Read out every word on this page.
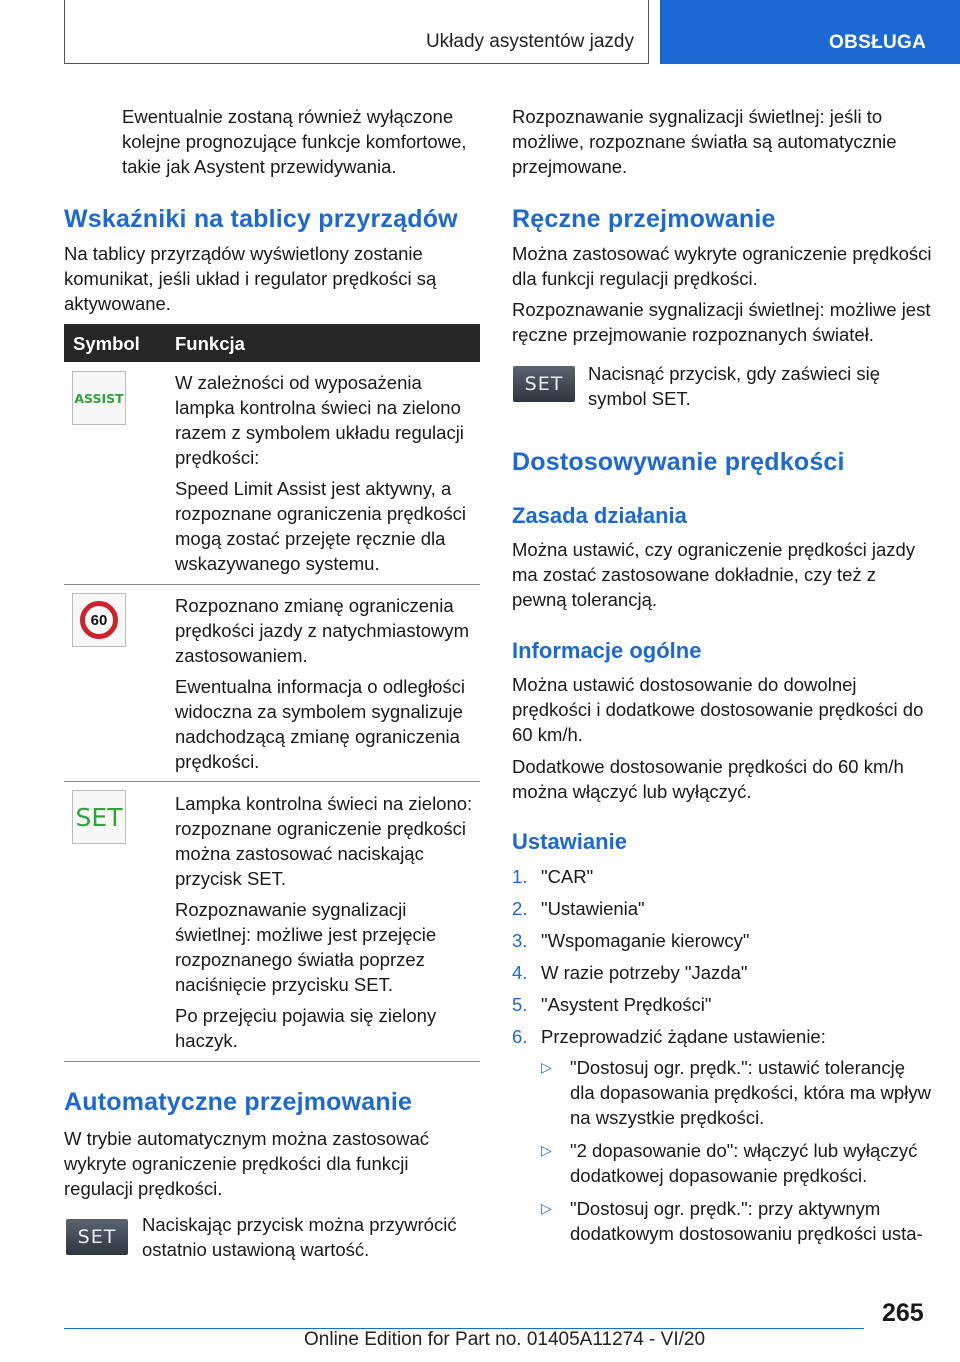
Układy asystentów jazdy	OBSŁUGA

Ewentualnie zostaną również wyłączone kolejne prognozujące funkcje komfortowe, takie jak Asystent przewidywania.

Wskaźniki na tablicy przyrządów

Na tablicy przyrządów wyświetlony zostanie komunikat, jeśli układ i regulator prędkości są aktywowane.

Symbol Funkcja
ASSIST

W zależności od wyposażenia lampka kontrolna świeci na zielono razem z symbolem układu regulacji prędkości:

Speed Limit Assist jest aktywny, a rozpoznane ograniczenia prędkości mogą zostać przejęte ręcznie dla wskazywanego systemu.

60

Rozpoznano zmianę ograniczenia prędkości jazdy z natychmiastowym zastosowaniem.

Ewentualna informacja o odległości widoczna za symbolem sygnalizuje nadchodzącą zmianę ograniczenia prędkości.

SET	Lampka kontrolna świeci na zielono: rozpoznane ograniczenie prędkości można zastosować naciskając przycisk SET.

Rozpoznawanie sygnalizacji świetlnej: możliwe jest przejęcie rozpoznanego światła poprzez naciśnięcie przycisku SET.

Po przejęciu pojawia się zielony haczyk.

Automatyczne przejmowanie

W trybie automatycznym można zastosować wykryte ograniczenie prędkości dla funkcji regulacji prędkości.

SET

Naciskając przycisk można przywrócić ostatnio ustawioną wartość.

Rozpoznawanie sygnalizacji świetlnej: jeśli to możliwe, rozpoznane światła są automatycznie przejmowane.

Ręczne przejmowanie

Można zastosować wykryte ograniczenie prędkości dla funkcji regulacji prędkości.

Rozpoznawanie sygnalizacji świetlnej: możliwe jest ręczne przejmowanie rozpoznanych świateł.

SET Nacisnąć przycisk, gdy zaświeci się symbol SET.

Dostosowywanie prędkości
Zasada działania

Można ustawić, czy ograniczenie prędkości jazdy ma zostać zastosowane dokładnie, czy też z pewną tolerancją.

Informacje ogólne

Można ustawić dostosowanie do dowolnej prędkości i dodatkowe dostosowanie prędkości do 60 km/h.

Dodatkowe dostosowanie prędkości do 60 km/h można włączyć lub wyłączyć.

Ustawianie
1. "CAR"
2. "Ustawienia"
3. "Wspomaganie kierowcy"
4. W razie potrzeby "Jazda"
5. "Asystent Prędkości"
6. Przeprowadzić żądane ustawienie:
▷ "Dostosuj ogr. prędk.": ustawić tolerancję dla dopasowania prędkości, która ma wpływ na wszystkie prędkości.
▷ "2 dopasowanie do": włączyć lub wyłączyć dodatkowej dopasowanie prędkości.
▷ "Dostosuj ogr. prędk.": przy aktywnym dodatkowym dostosowaniu prędkości usta-
265
Online Edition for Part no. 01405A11274 - VI/20
